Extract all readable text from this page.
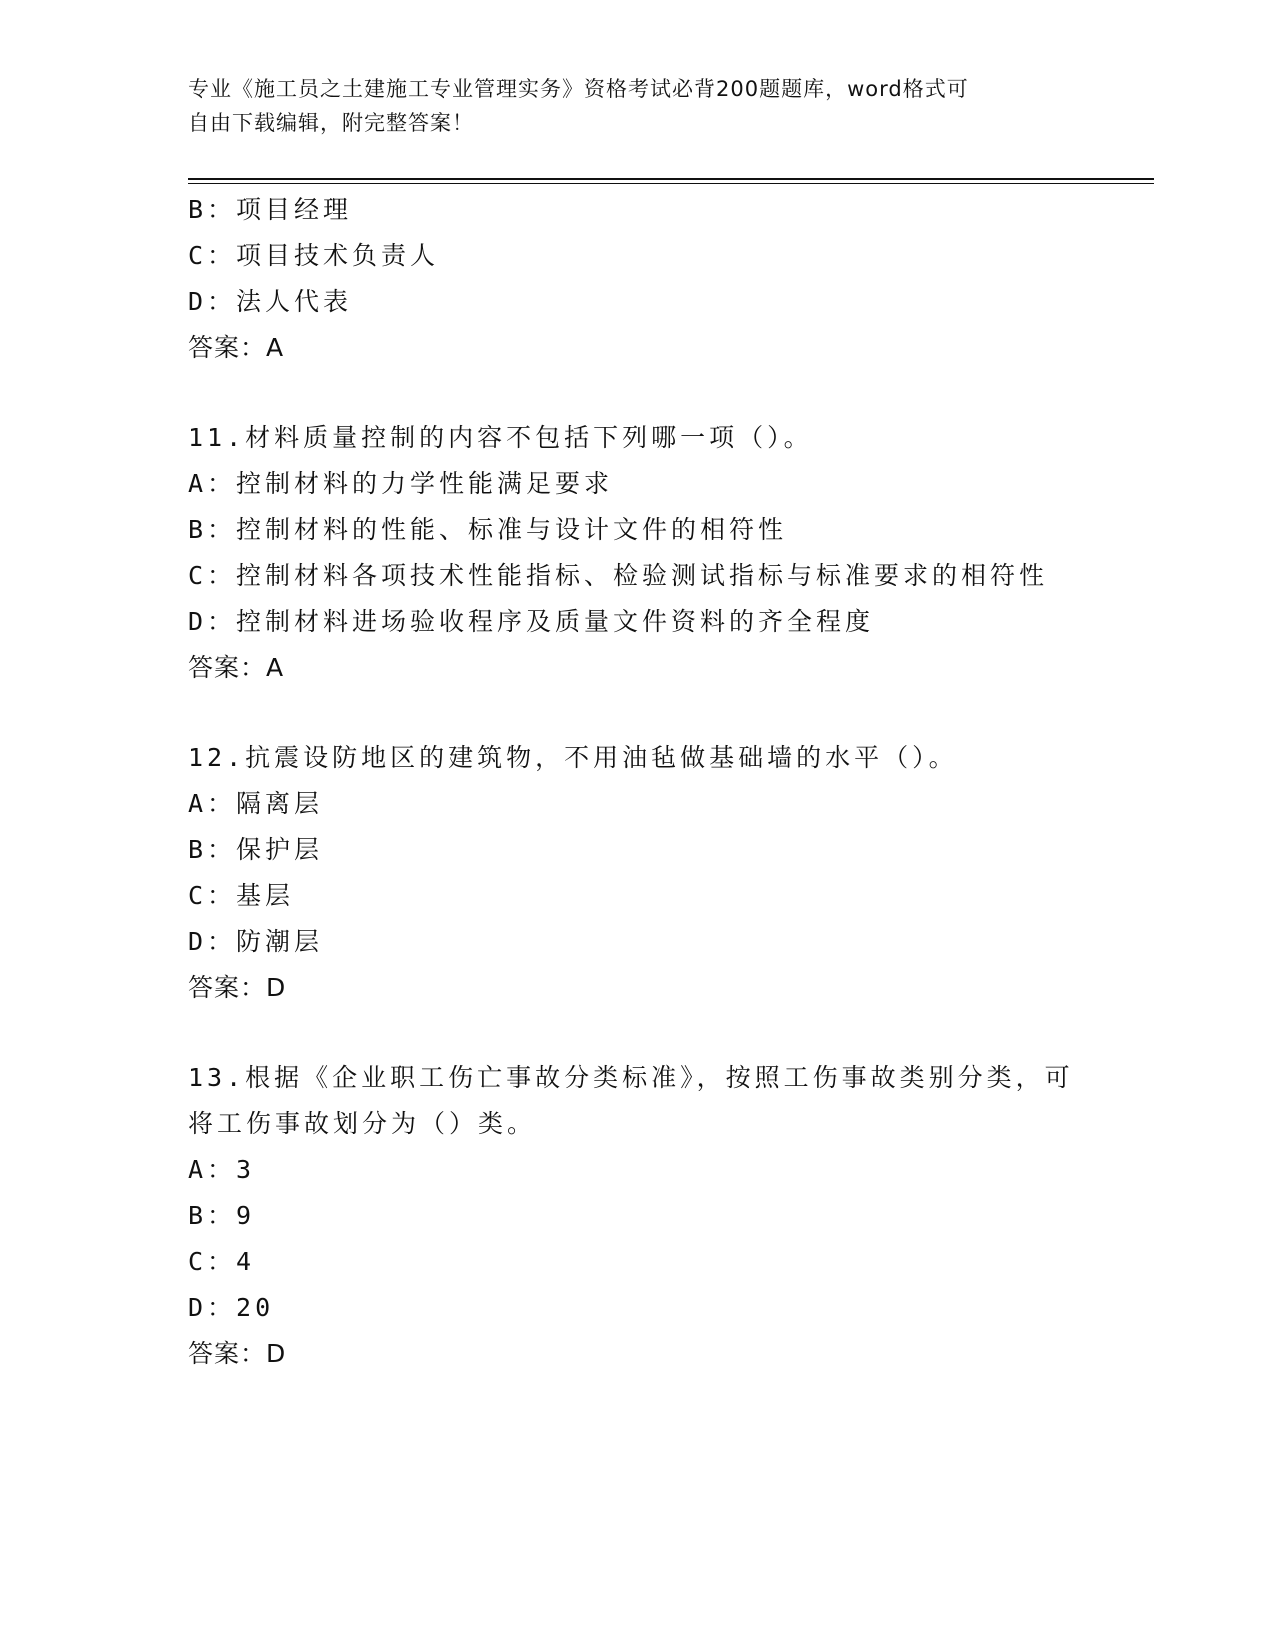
专业《施工员之土建施工专业管理实务》资格考试必背200题题库，word格式可
自由下载编辑，附完整答案！
B：项目经理
C：项目技术负责人
D：法人代表
答案：A
11.材料质量控制的内容不包括下列哪一项（）。
A：控制材料的力学性能满足要求
B：控制材料的性能、标准与设计文件的相符性
C：控制材料各项技术性能指标、检验测试指标与标准要求的相符性
D：控制材料进场验收程序及质量文件资料的齐全程度
答案：A
12.抗震设防地区的建筑物，不用油毡做基础墙的水平（）。
A：隔离层
B：保护层
C：基层
D：防潮层
答案：D
13.根据《企业职工伤亡事故分类标准》，按照工伤事故类别分类，可
将工伤事故划分为（）类。
A：3
B：9
C：4
D：20
答案：D
